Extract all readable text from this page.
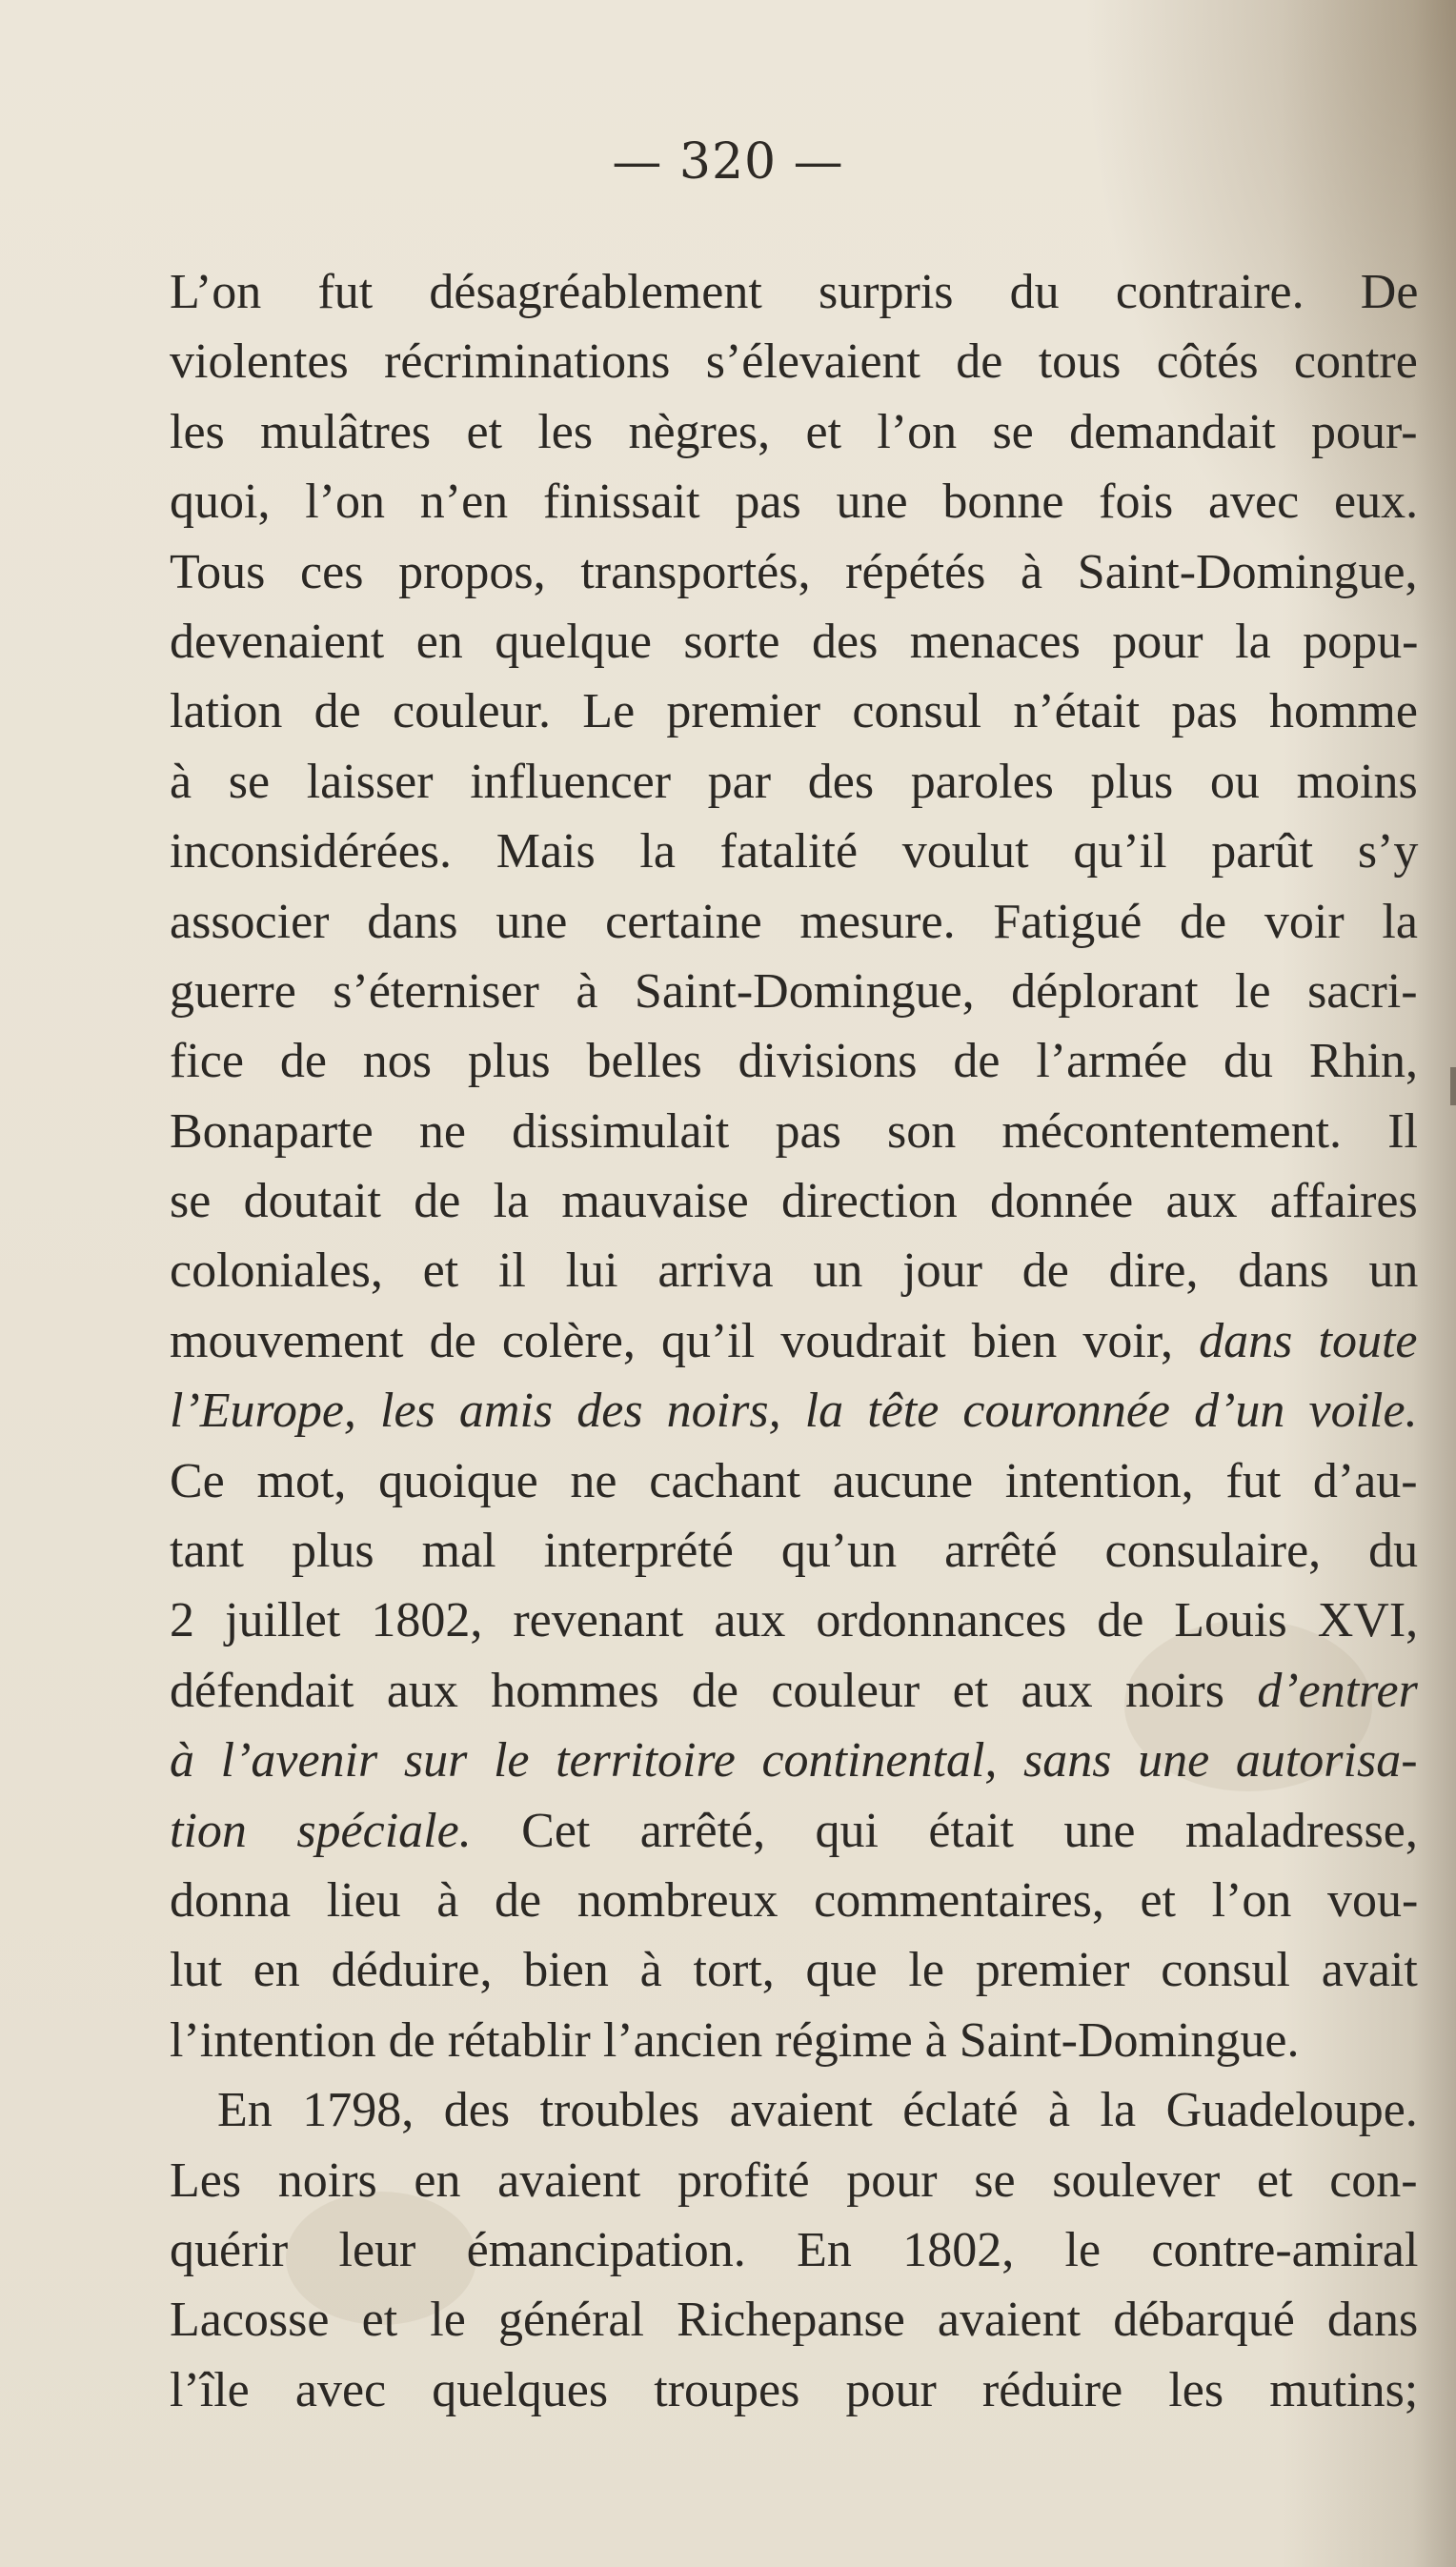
— 320 —
L’on fut désagréablement surpris du contraire. De
violentes récriminations s’élevaient de tous côtés contre
les mulâtres et les nègres, et l’on se demandait pour-
quoi, l’on n’en finissait pas une bonne fois avec eux.
Tous ces propos, transportés, répétés à Saint-Domingue,
devenaient en quelque sorte des menaces pour la popu-
lation de couleur. Le premier consul n’était pas homme
à se laisser influencer par des paroles plus ou moins
inconsidérées. Mais la fatalité voulut qu’il parût s’y
associer dans une certaine mesure. Fatigué de voir la
guerre s’éterniser à Saint-Domingue, déplorant le sacri-
fice de nos plus belles divisions de l’armée du Rhin,
Bonaparte ne dissimulait pas son mécontentement. Il
se doutait de la mauvaise direction donnée aux affaires
coloniales, et il lui arriva un jour de dire, dans un
mouvement de colère, qu’il voudrait bien voir, dans toute
l’Europe, les amis des noirs, la tête couronnée d’un voile.
Ce mot, quoique ne cachant aucune intention, fut d’au-
tant plus mal interprété qu’un arrêté consulaire, du
2 juillet 1802, revenant aux ordonnances de Louis XVI,
défendait aux hommes de couleur et aux noirs d’entrer
à l’avenir sur le territoire continental, sans une autorisa-
tion spéciale. Cet arrêté, qui était une maladresse,
donna lieu à de nombreux commentaires, et l’on vou-
lut en déduire, bien à tort, que le premier consul avait
l’intention de rétablir l’ancien régime à Saint-Domingue.
En 1798, des troubles avaient éclaté à la Guadeloupe.
Les noirs en avaient profité pour se soulever et con-
quérir leur émancipation. En 1802, le contre-amiral
Lacosse et le général Richepanse avaient débarqué dans
l’île avec quelques troupes pour réduire les mutins;
